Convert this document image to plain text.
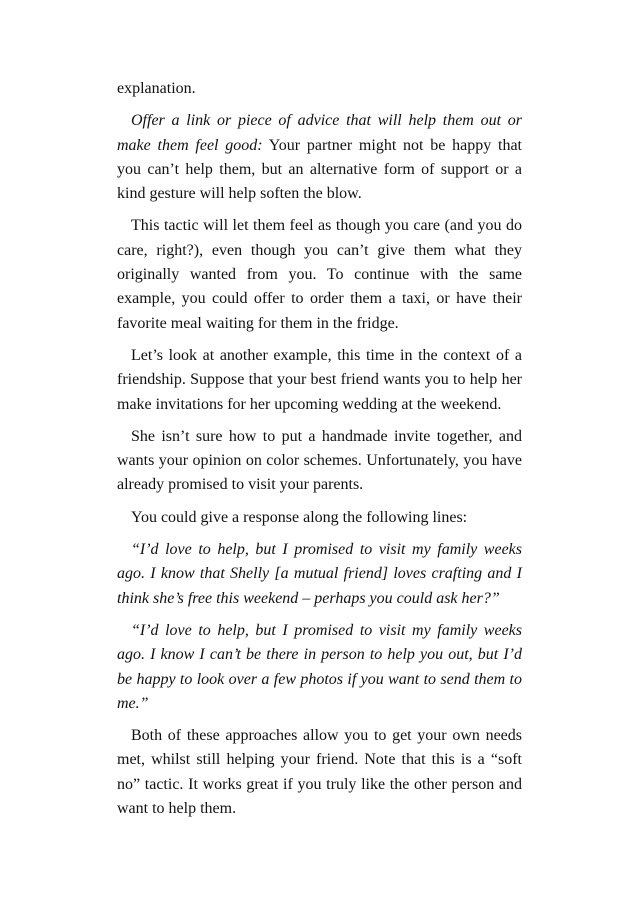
explanation.

Offer a link or piece of advice that will help them out or make them feel good: Your partner might not be happy that you can’t help them, but an alternative form of support or a kind gesture will help soften the blow.

This tactic will let them feel as though you care (and you do care, right?), even though you can’t give them what they originally wanted from you. To continue with the same example, you could offer to order them a taxi, or have their favorite meal waiting for them in the fridge.

Let’s look at another example, this time in the context of a friendship. Suppose that your best friend wants you to help her make invitations for her upcoming wedding at the weekend.

She isn’t sure how to put a handmade invite together, and wants your opinion on color schemes. Unfortunately, you have already promised to visit your parents.

You could give a response along the following lines:

“I’d love to help, but I promised to visit my family weeks ago. I know that Shelly [a mutual friend] loves crafting and I think she’s free this weekend – perhaps you could ask her?”

“I’d love to help, but I promised to visit my family weeks ago. I know I can’t be there in person to help you out, but I’d be happy to look over a few photos if you want to send them to me.”

Both of these approaches allow you to get your own needs met, whilst still helping your friend. Note that this is a “soft no” tactic. It works great if you truly like the other person and want to help them.
